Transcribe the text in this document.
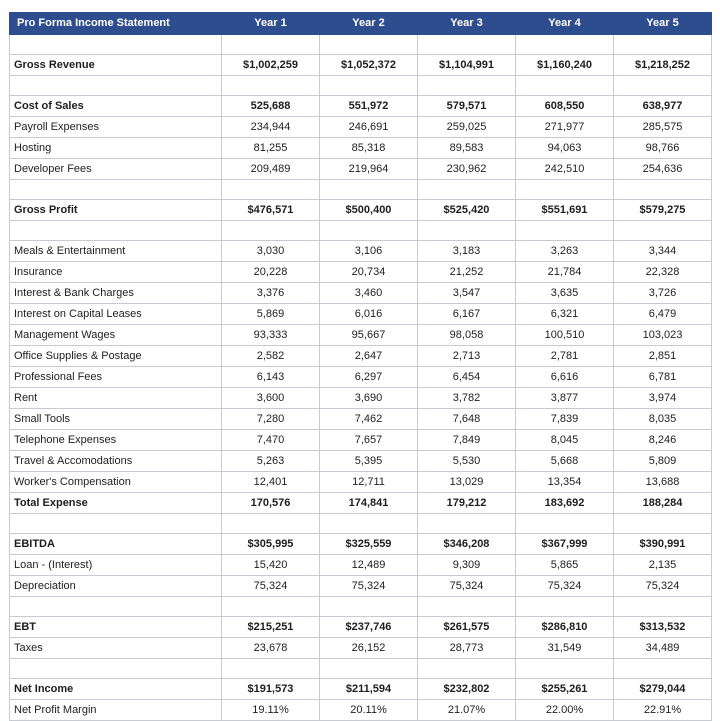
Pro Forma Income Statement	Year 1	Year 2	Year 3	Year 4	Year 5

Gross Revenue	$1,002,259	$1,052,372	$1,104,991	$1,160,240	$1,218,252

Cost of Sales	525,688	551,972	579,571	608,550	638,977
Payroll Expenses	234,944	246,691	259,025	271,977	285,575
Hosting	81,255	85,318	89,583	94,063	98,766
Developer Fees	209,489	219,964	230,962	242,510	254,636

Gross Profit	$476,571	$500,400	$525,420	$551,691	$579,275

Meals & Entertainment	3,030	3,106	3,183	3,263	3,344
Insurance	20,228	20,734	21,252	21,784	22,328
Interest & Bank Charges	3,376	3,460	3,547	3,635	3,726
Interest on Capital Leases	5,869	6,016	6,167	6,321	6,479
Management Wages	93,333	95,667	98,058	100,510	103,023
Office Supplies & Postage	2,582	2,647	2,713	2,781	2,851
Professional Fees	6,143	6,297	6,454	6,616	6,781
Rent	3,600	3,690	3,782	3,877	3,974
Small Tools	7,280	7,462	7,648	7,839	8,035
Telephone Expenses	7,470	7,657	7,849	8,045	8,246
Travel & Accomodations	5,263	5,395	5,530	5,668	5,809
Worker's Compensation	12,401	12,711	13,029	13,354	13,688
Total Expense	170,576	174,841	179,212	183,692	188,284

EBITDA	$305,995	$325,559	$346,208	$367,999	$390,991
Loan - (Interest)	15,420	12,489	9,309	5,865	2,135
Depreciation	75,324	75,324	75,324	75,324	75,324

EBT	$215,251	$237,746	$261,575	$286,810	$313,532
Taxes	23,678	26,152	28,773	31,549	34,489

Net Income	$191,573	$211,594	$232,802	$255,261	$279,044
Net Profit Margin	19.11%	20.11%	21.07%	22.00%	22.91%
